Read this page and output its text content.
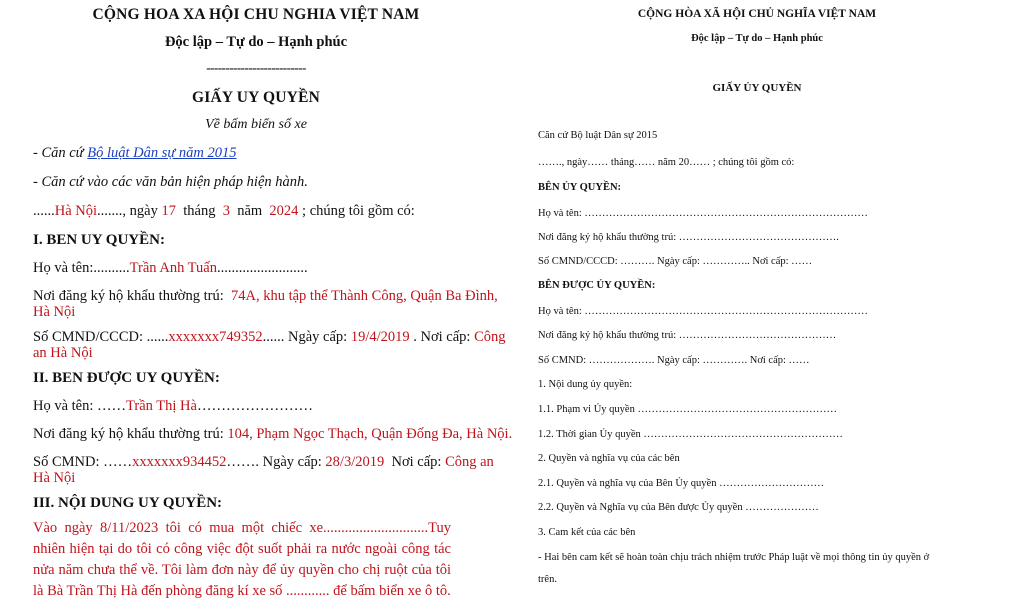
CỘNG HOA XA HỘI CHU NGHIA VIỆT NAM
Độc lập – Tự do – Hạnh phúc
--------------------------
GIẤY UY QUYỀN
Về bấm biển số xe
- Căn cứ Bộ luật Dân sự năm 2015
- Căn cứ vào các văn bản hiện pháp hiện hành.
......Hà Nội......., ngày 17  tháng  3  năm  2024 ; chúng tôi gồm có:
I. BEN UY QUYỀN:
Họ và tên:..........Trần Anh Tuấn.........................
Nơi đăng ký hộ khẩu thường trú:  74A, khu tập thể Thành Công, Quận Ba Đình,
Hà Nội
Số CMND/CCCD: ......xxxxxxx749352...... Ngày cấp: 19/4/2019 . Nơi cấp: Công
an Hà Nội
II. BEN ĐƯỢC UY QUYỀN:
Họ và tên: ……Trần Thị Hà……………………
Nơi đăng ký hộ khẩu thường trú: 104, Phạm Ngọc Thạch, Quận Đống Đa, Hà Nội.
Số CMND: ……xxxxxxx934452……. Ngày cấp: 28/3/2019  Nơi cấp: Công an
Hà Nội
III. NỘI DUNG UY QUYỀN:
Vào ngày 8/11/2023 tôi có mua một chiếc xe.............................Tuy nhiên hiện tại do tôi có công việc đột suốt phải ra nước ngoài công tác nửa năm chưa thể về. Tôi làm đơn này để ủy quyền cho chị ruột của tôi là Bà Trần Thị Hà đến phòng đăng kí xe số ............ để bấm biển xe ô tô.
CỘNG HÒA XÃ HỘI CHỦ NGHĨA VIỆT NAM
Độc lập – Tự do – Hạnh phúc
GIẤY ỦY QUYỀN
Căn cứ Bộ luật Dân sự 2015
……., ngày…… tháng…… năm 20…… ; chúng tôi gồm có:
BÊN ỦY QUYỀN:
Họ và tên: ………………………………………………………………………
Nơi đăng ký hộ khẩu thường trú: ……………………………………….
Số CMND/CCCD: ………. Ngày cấp: ………….. Nơi cấp: ……
BÊN ĐƯỢC ỦY QUYỀN:
Họ và tên: ………………………………………………………………………
Nơi đăng ký hộ khẩu thường trú: ………………………………………
Số CMND: ………………. Ngày cấp: …………. Nơi cấp: ……
1. Nội dung ủy quyền:
1.1. Phạm vi Ủy quyền …………………………………………………
1.2. Thời gian Ủy quyền …………………………………………………
2. Quyền và nghĩa vụ của các bên
2.1. Quyền và nghĩa vụ của Bên Ủy quyền …………………………
2.2. Quyền và Nghĩa vụ của Bên được Ủy quyền …………………
3. Cam kết của các bên
- Hai bên cam kết sẽ hoàn toàn chịu trách nhiệm trước Pháp luật về mọi thông tin ủy quyền ở
trên.
